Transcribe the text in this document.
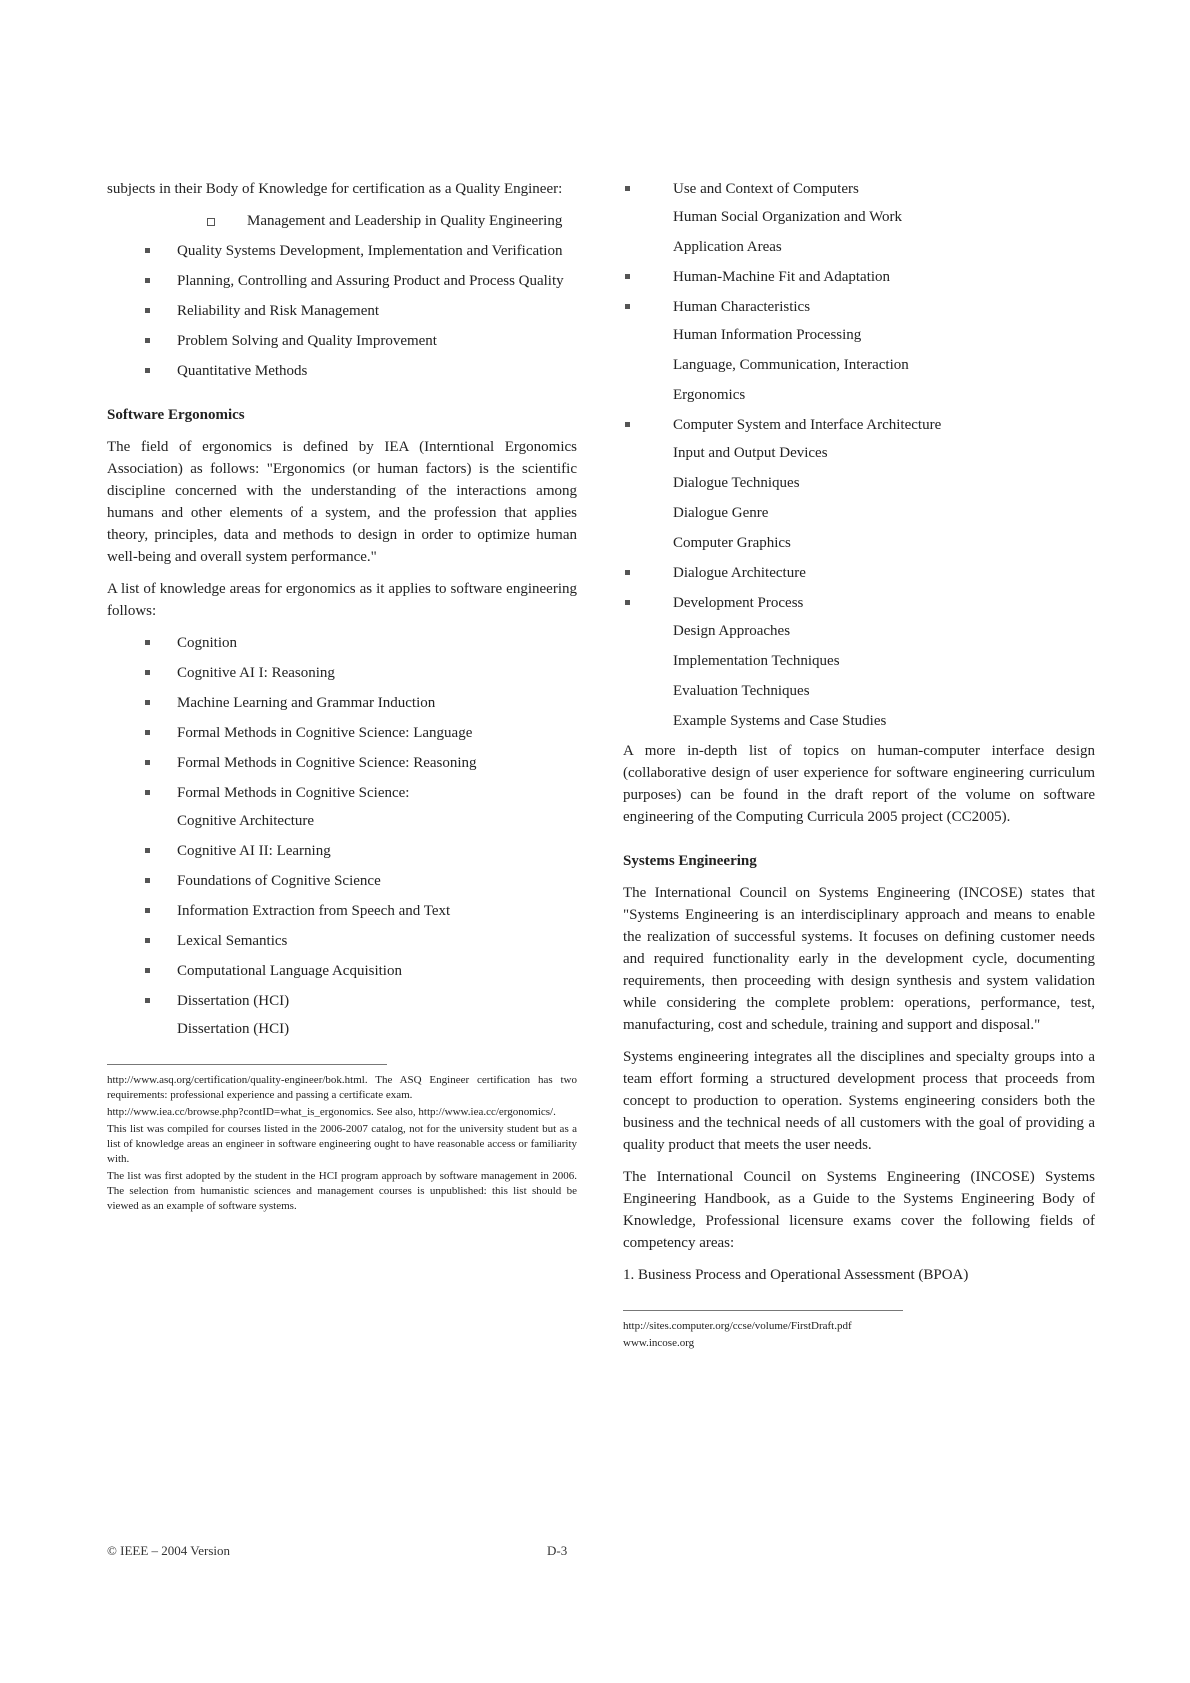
subjects in their Body of Knowledge for certification as a Quality Engineer:

Management and Leadership in Quality Engineering
Quality Systems Development, Implementation and Verification
Planning, Controlling and Assuring Product and Process Quality
Reliability and Risk Management
Problem Solving and Quality Improvement
Quantitative Methods
Software Ergonomics

The field of ergonomics is defined by IEA (Interntional Ergonomics Association) as follows: "Ergonomics (or human factors) is the scientific discipline concerned with the understanding of the interactions among humans and other elements of a system, and the profession that applies theory, principles, data and methods to design in order to optimize human well-being and overall system performance."

A list of knowledge areas for ergonomics as it applies to software engineering follows:

Cognition
Cognitive AI I: Reasoning
Machine Learning and Grammar Induction
Formal Methods in Cognitive Science: Language
Formal Methods in Cognitive Science: Reasoning
Formal Methods in Cognitive Science:
Cognitive Architecture
Cognitive AI II: Learning
Foundations of Cognitive Science
Information Extraction from Speech and Text
Lexical Semantics
Computational Language Acquisition
Dissertation (HCI)
Dissertation (HCI)
http://www.asq.org/certification/quality-engineer/bok.html. The ASQ Engineer certification has two requirements: professional experience and passing a certificate exam.
http://www.iea.cc/browse.php?contID=what_is_ergonomics. See also, http://www.iea.cc/ergonomics/.
This list was compiled for courses listed in the 2006-2007 catalog, not for the university student but as a list of knowledge areas an engineer in software engineering ought to have reasonable access or familiarity with.
The list was first adopted by the student in the HCI program approach by software management in 2006. The selection from humanistic sciences and management courses is unpublished: this list should be viewed as an example of software systems.
Use and Context of Computers
Human Social Organization and Work
Application Areas
Human-Machine Fit and Adaptation
Human Characteristics
Human Information Processing
Language, Communication, Interaction
Ergonomics
Computer System and Interface Architecture
Input and Output Devices
Dialogue Techniques
Dialogue Genre
Computer Graphics
Dialogue Architecture
Development Process
Design Approaches
Implementation Techniques
Evaluation Techniques
Example Systems and Case Studies

A more in-depth list of topics on human-computer interface design (collaborative design of user experience for software engineering curriculum purposes) can be found in the draft report of the volume on software engineering of the Computing Curricula 2005 project (CC2005).

Systems Engineering

The International Council on Systems Engineering (INCOSE) states that "Systems Engineering is an interdisciplinary approach and means to enable the realization of successful systems. It focuses on defining customer needs and required functionality early in the development cycle, documenting requirements, then proceeding with design synthesis and system validation while considering the complete problem: operations, performance, test, manufacturing, cost and schedule, training and support and disposal."

Systems engineering integrates all the disciplines and specialty groups into a team effort forming a structured development process that proceeds from concept to production to operation. Systems engineering considers both the business and the technical needs of all customers with the goal of providing a quality product that meets the user needs.

The International Council on Systems Engineering (INCOSE) Systems Engineering Handbook, as a Guide to the Systems Engineering Body of Knowledge, Professional licensure exams cover the following fields of competency areas:

1. Business Process and Operational Assessment (BPOA)

http://sites.computer.org/ccse/volume/FirstDraft.pdf
www.incose.org
© IEEE – 2004 Version	D-3
